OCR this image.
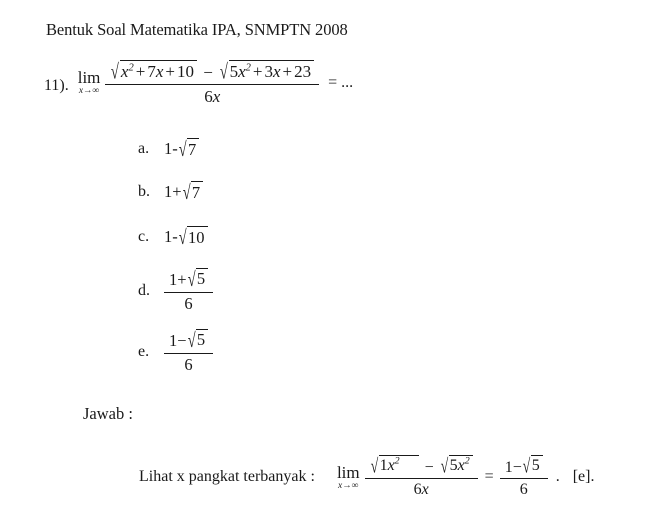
Bentuk Soal Matematika IPA, SNMPTN 2008
11). lim
x→∞
√ $x^2 + 7x + 10$ − √ $5x^2 + 3x + 23$
6x
= ...
a. 1- √ 7
b. 1+ √ 7
c. 1- √ 10
d. $\frac{1+ √ 5}{6}$
e. $\frac{1- √ 5}{6}$
Jawab :
Lihat x pangkat terbanyak : lim
x→∞
√ $1x^2$	− √ $5x^2$
6x
= $\frac{1- √ 5}{6}$ . [e].
